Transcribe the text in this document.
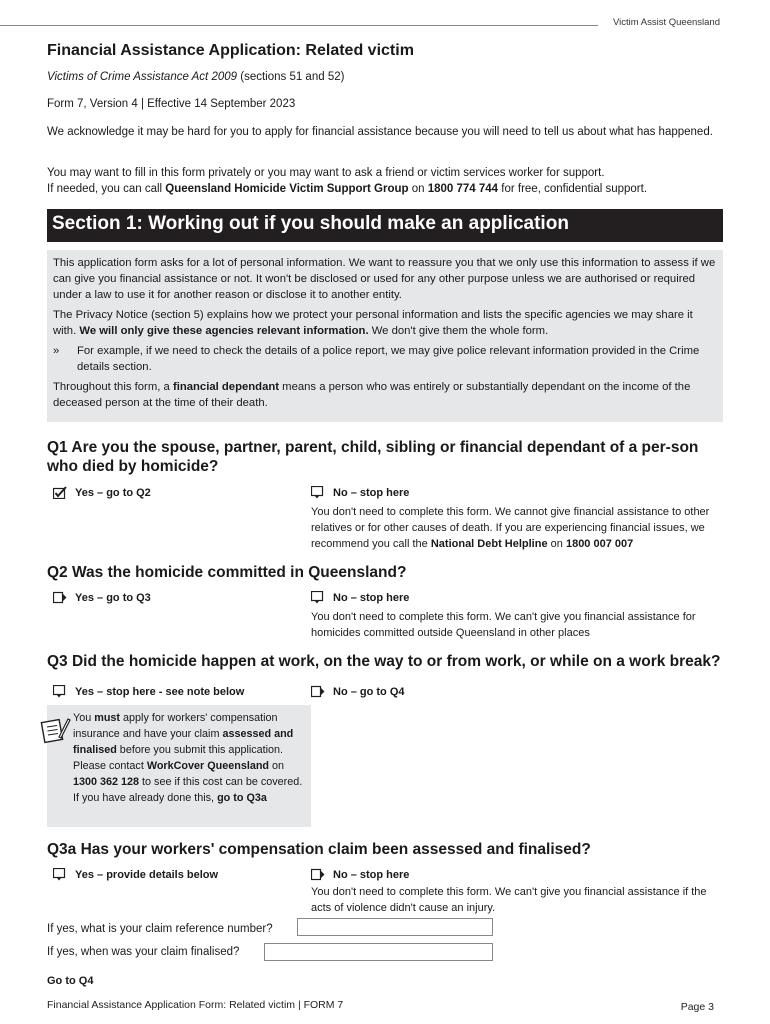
Victim Assist Queensland
Financial Assistance Application: Related victim
Victims of Crime Assistance Act 2009 (sections 51 and 52)
Form 7, Version 4 | Effective 14 September 2023
We acknowledge it may be hard for you to apply for financial assistance because you will need to tell us about what has happened.
You may want to fill in this form privately or you may want to ask a friend or victim services worker for support.
If needed, you can call Queensland Homicide Victim Support Group on 1800 774 744 for free, confidential support.
Section 1: Working out if you should make an application

This application form asks for a lot of personal information. We want to reassure you that we only use this information to assess if we can give you financial assistance or not. It won't be disclosed or used for any other purpose unless we are authorised or required under a law to use it for another reason or disclose it to another entity.

The Privacy Notice (section 5) explains how we protect your personal information and lists the specific agencies we may share it with. We will only give these agencies relevant information. We don't give them the whole form.

»	For example, if we need to check the details of a police report, we may give police relevant information provided in the Crime details section.

Throughout this form, a financial dependant means a person who was entirely or substantially dependant on the income of the deceased person at the time of their death.

Q1 Are you the spouse, partner, parent, child, sibling or financial dependant of a per-son who died by homicide?
Yes – go to Q2	No – stop here
You don't need to complete this form. We cannot give financial assistance to other relatives or for other causes of death. If you are experiencing financial issues, we recommend you call the National Debt Helpline on 1800 007 007
Q2 Was the homicide committed in Queensland?
Yes – go to Q3	No – stop here
You don't need to complete this form. We can't give you financial assistance for homicides committed outside Queensland in other places
Q3 Did the homicide happen at work, on the way to or from work, or while on a work break?
Yes – stop here - see note below	No – go to Q4
You must apply for workers' compensation insurance and have your claim assessed and finalised before you submit this application. Please contact WorkCover Queensland on 1300 362 128 to see if this cost can be covered. If you have already done this, go to Q3a
Q3a Has your workers' compensation claim been assessed and finalised?
Yes – provide details below	No – stop here
You don't need to complete this form. We can't give you financial assistance if the acts of violence didn't cause an injury.
If yes, what is your claim reference number?
If yes, when was your claim finalised?
Go to Q4
Financial Assistance Application Form: Related victim | FORM 7	Page 3
